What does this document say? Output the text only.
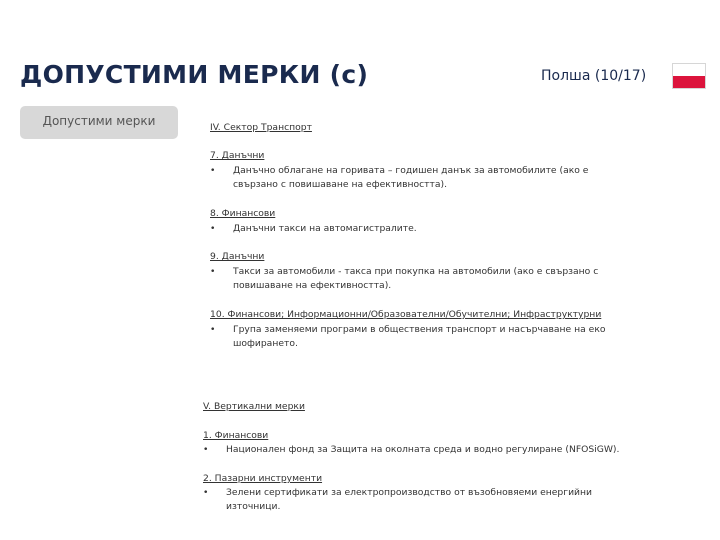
ДОПУСТИМИ МЕРКИ (с)	Полша (10/17)
Допустими мерки	IV. Сектор Транспорт
7. Данъчни
• Данъчно облагане на горивата – годишен данък за автомобилите (ако е
свързано с повишаване на ефективността).
8. Финансови
• Данъчни такси на автомагистралите.
9. Данъчни
• Такси за автомобили - такса при покупка на автомобили (ако е свързано с
повишаване на ефективността).
10. Финансови; Информационни/Образователни/Обучителни; Инфраструктурни
• Група заменяеми програми в обществения транспорт и насърчаване на еко
шофирането.
V. Вертикални мерки
1. Финансови
• Национален фонд за Защита на околната среда и водно регулиране (NFOSiGW).
2. Пазарни инструменти
• Зелени сертификати за електропроизводство от възобновяеми енергийни
източници.
